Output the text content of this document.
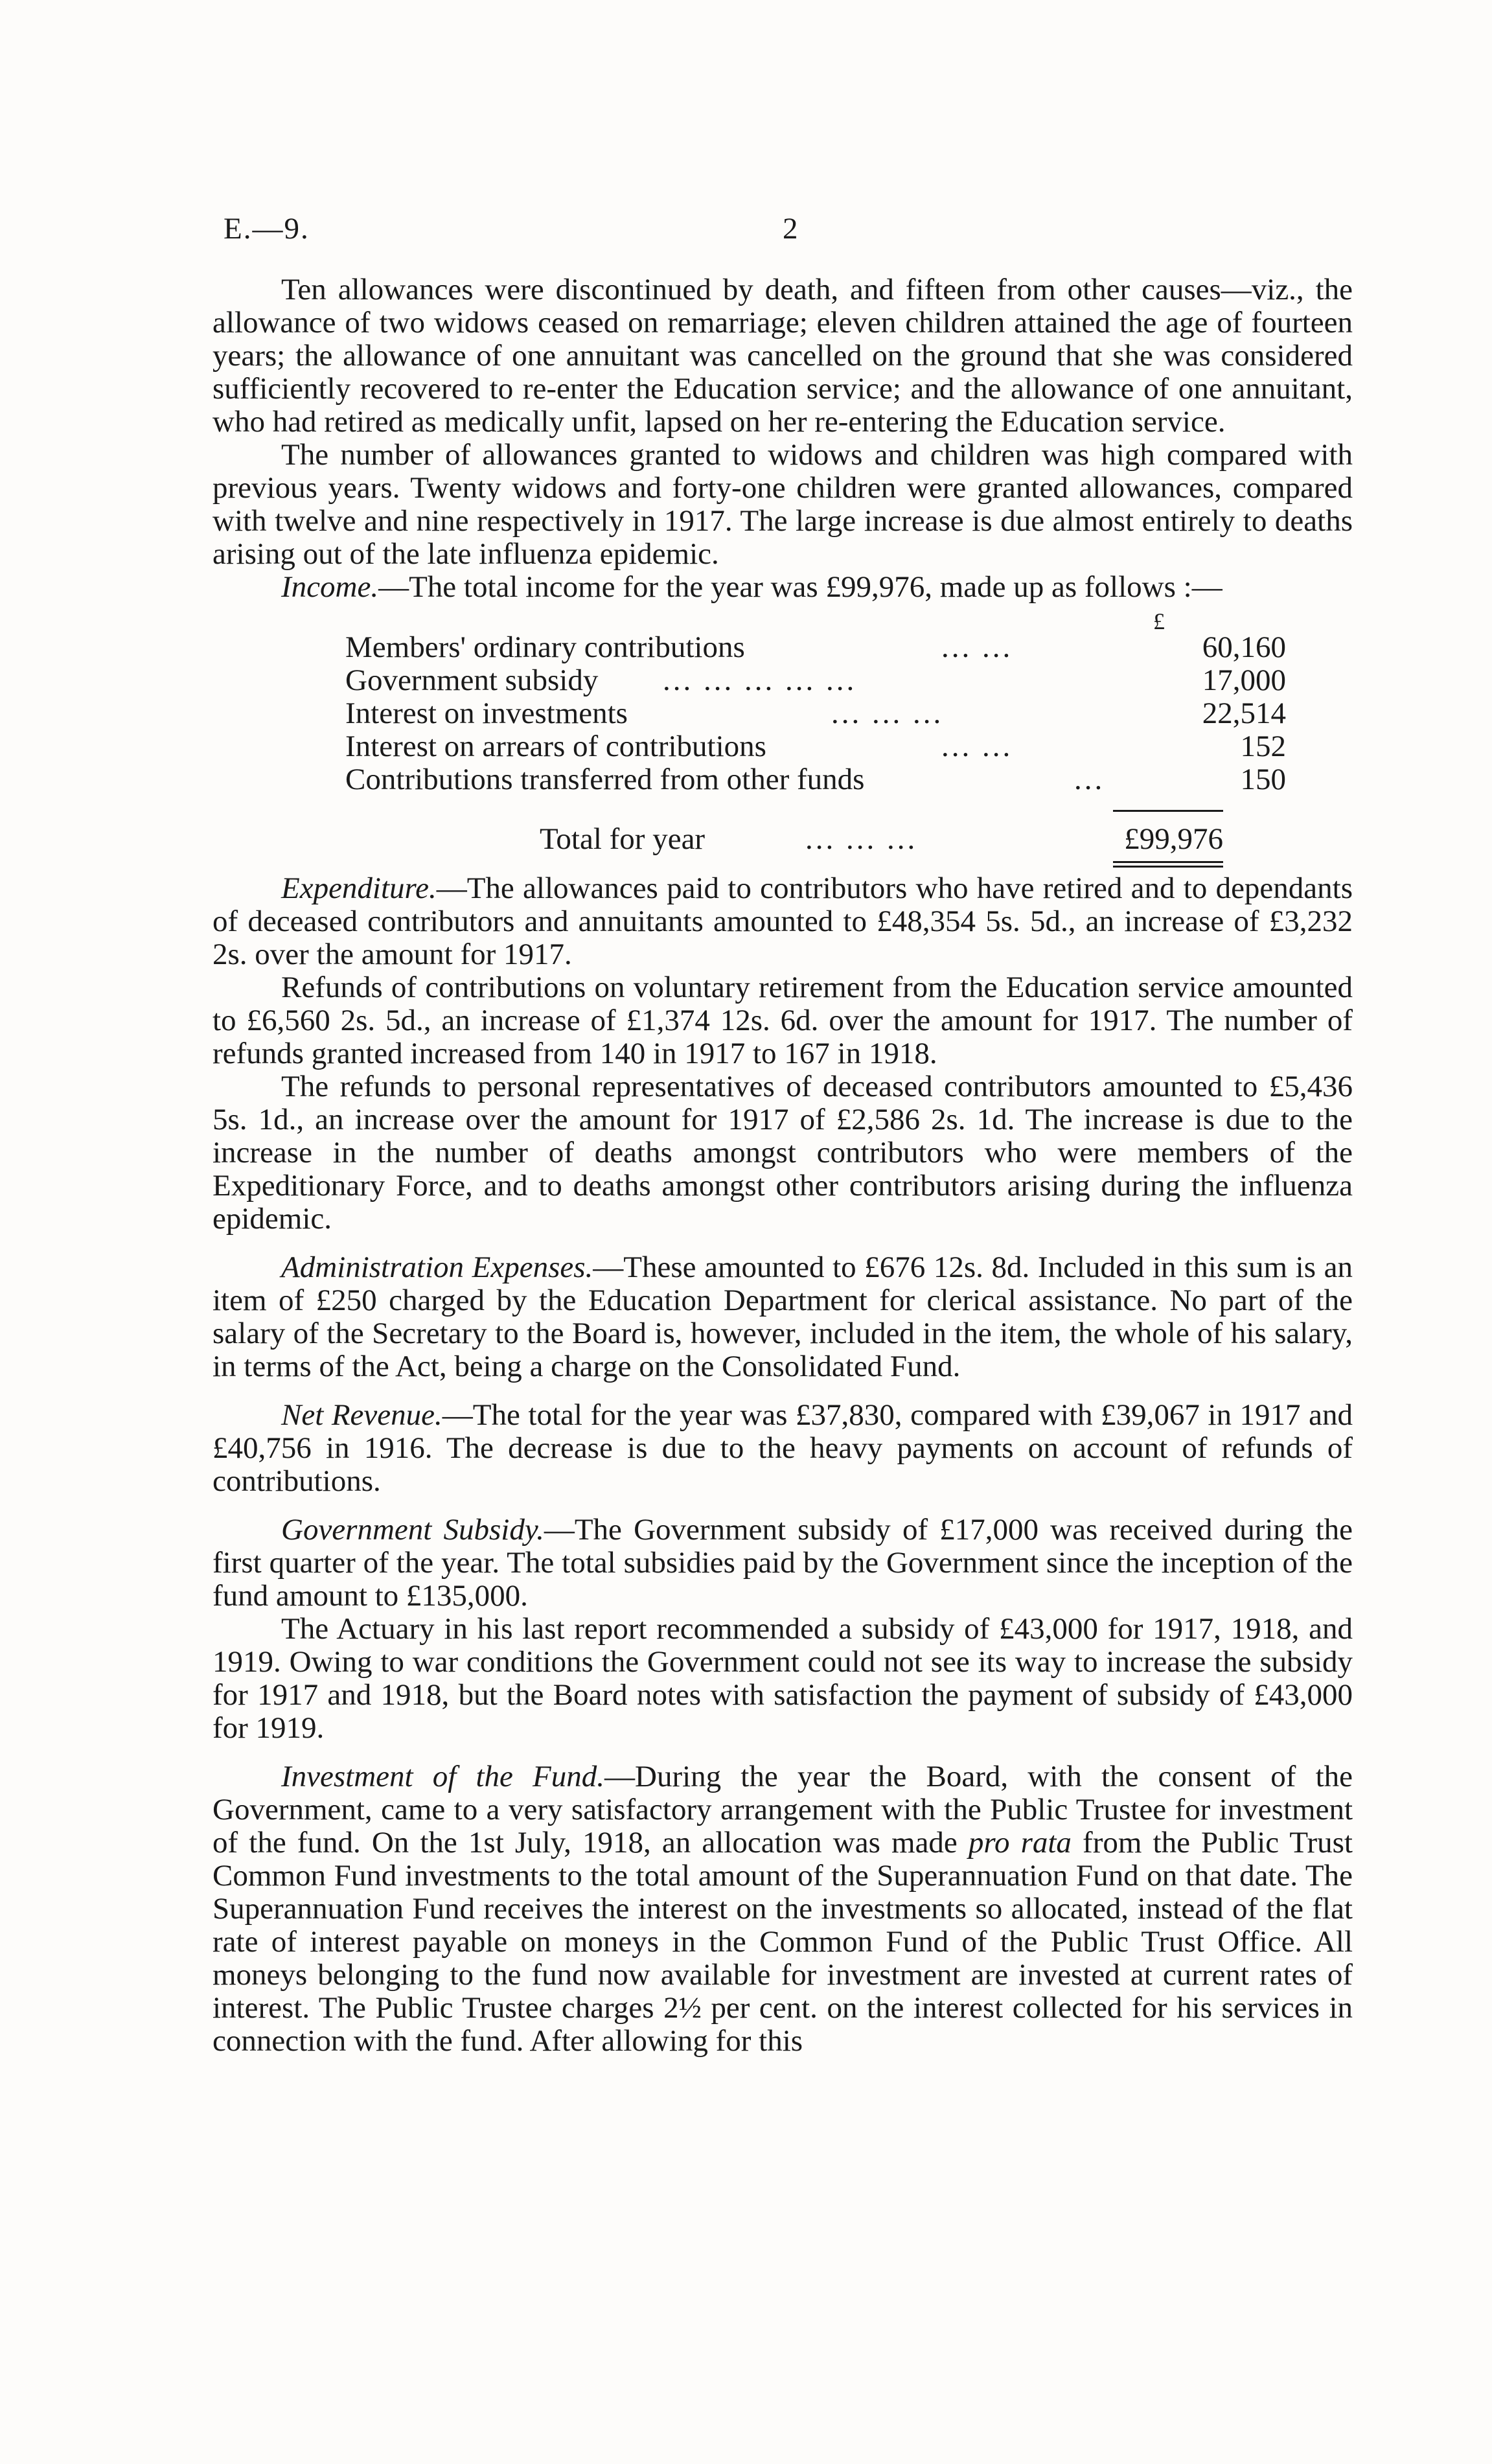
E.—9.	2

Ten allowances were discontinued by death, and fifteen from other causes—viz., the allowance of two widows ceased on remarriage; eleven children attained the age of fourteen years; the allowance of one annuitant was cancelled on the ground that she was considered sufficiently recovered to re-enter the Education service; and the allowance of one annuitant, who had retired as medically unfit, lapsed on her re-entering the Education service.

The number of allowances granted to widows and children was high compared with previous years. Twenty widows and forty-one children were granted allowances, compared with twelve and nine respectively in 1917. The large increase is due almost entirely to deaths arising out of the late influenza epidemic.

Income.—The total income for the year was £99,976, made up as follows :—

£
Members' ordinary contributions	... ...	60,160
Government subsidy ... ... ... ... ...	17,000
Interest on investments	... ... ...	22,514
Interest on arrears of contributions	... ...	152
Contributions transferred from other funds	...	150
Total for year	... ... ...	£99,976

Expenditure.—The allowances paid to contributors who have retired and to dependants of deceased contributors and annuitants amounted to £48,354 5s. 5d., an increase of £3,232 2s. over the amount for 1917.

Refunds of contributions on voluntary retirement from the Education service amounted to £6,560 2s. 5d., an increase of £1,374 12s. 6d. over the amount for 1917. The number of refunds granted increased from 140 in 1917 to 167 in 1918.

The refunds to personal representatives of deceased contributors amounted to £5,436 5s. 1d., an increase over the amount for 1917 of £2,586 2s. 1d. The increase is due to the increase in the number of deaths amongst contributors who were members of the Expeditionary Force, and to deaths amongst other contributors arising during the influenza epidemic.

Administration Expenses.—These amounted to £676 12s. 8d. Included in this sum is an item of £250 charged by the Education Department for clerical assistance. No part of the salary of the Secretary to the Board is, however, included in the item, the whole of his salary, in terms of the Act, being a charge on the Consolidated Fund.

Net Revenue.—The total for the year was £37,830, compared with £39,067 in 1917 and £40,756 in 1916. The decrease is due to the heavy payments on account of refunds of contributions.

Government Subsidy.—The Government subsidy of £17,000 was received during the first quarter of the year. The total subsidies paid by the Government since the inception of the fund amount to £135,000.

The Actuary in his last report recommended a subsidy of £43,000 for 1917, 1918, and 1919. Owing to war conditions the Government could not see its way to increase the subsidy for 1917 and 1918, but the Board notes with satisfaction the payment of subsidy of £43,000 for 1919.

Investment of the Fund.—During the year the Board, with the consent of the Government, came to a very satisfactory arrangement with the Public Trustee for investment of the fund. On the 1st July, 1918, an allocation was made pro rata from the Public Trust Common Fund investments to the total amount of the Superannuation Fund on that date. The Superannuation Fund receives the interest on the investments so allocated, instead of the flat rate of interest payable on moneys in the Common Fund of the Public Trust Office. All moneys belonging to the fund now available for investment are invested at current rates of interest. The Public Trustee charges 2½ per cent. on the interest collected for his services in connection with the fund. After allowing for this
